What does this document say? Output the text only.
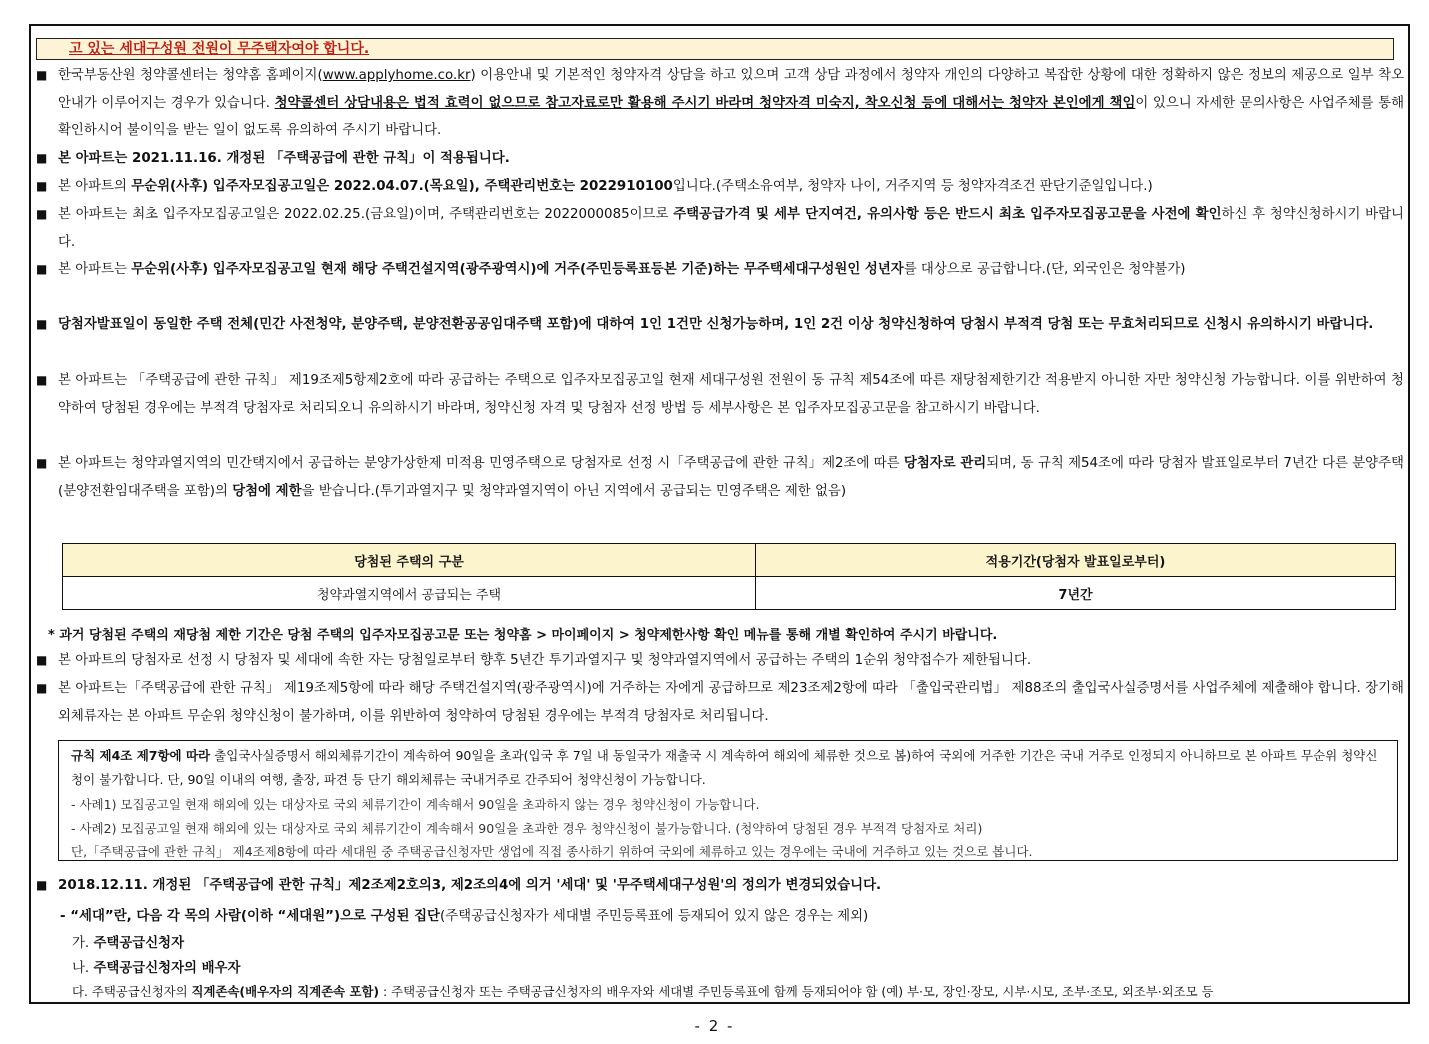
고 있는 세대구성원 전원이 무주택자여야 합니다.
■ 한국부동산원 청약콜센터는 청약홈 홈페이지(www.applyhome.co.kr) 이용안내 및 기본적인 청약자격 상담을 하고 있으며 고객 상담 과정에서 청약자 개인의 다양하고 복잡한 상황에 대한 정확하지 않은 정보의 제공으로 일부 착오 안내가 이루어지는 경우가 있습니다. 청약콜센터 상담내용은 법적 효력이 없으므로 참고자료로만 활용해 주시기 바라며 청약자격 미숙지, 착오신청 등에 대해서는 청약자 본인에게 책임이 있으니 자세한 문의사항은 사업주체를 통해 확인하시어 불이익을 받는 일이 없도록 유의하여 주시기 바랍니다.
■ 본 아파트는 2021.11.16. 개정된 「주택공급에 관한 규칙」이 적용됩니다.
■ 본 아파트의 무순위(사후) 입주자모집공고일은 2022.04.07.(목요일), 주택관리번호는 2022910100입니다.(주택소유여부, 청약자 나이, 거주지역 등 청약자격조건 판단기준일입니다.)
■ 본 아파트는 최초 입주자모집공고일은 2022.02.25.(금요일)이며, 주택관리번호는 2022000085이므로 주택공급가격 및 세부 단지여건, 유의사항 등은 반드시 최초 입주자모집공고문을 사전에 확인하신 후 청약신청하시기 바랍니다.
■ 본 아파트는 무순위(사후) 입주자모집공고일 현재 해당 주택건설지역(광주광역시)에 거주(주민등록표등본 기준)하는 무주택세대구성원인 성년자를 대상으로 공급합니다.(단, 외국인은 청약불가)
■ 당첨자발표일이 동일한 주택 전체(민간 사전청약, 분양주택, 분양전환공공임대주택 포함)에 대하여 1인 1건만 신청가능하며, 1인 2건 이상 청약신청하여 당첨시 부적격 당첨 또는 무효처리되므로 신청시 유의하시기 바랍니다.
■ 본 아파트는 「주택공급에 관한 규칙」 제19조제5항제2호에 따라 공급하는 주택으로 입주자모집공고일 현재 세대구성원 전원이 동 규칙 제54조에 따른 재당첨제한기간 적용받지 아니한 자만 청약신청 가능합니다. 이를 위반하여 청약하여 당첨된 경우에는 부적격 당첨자로 처리되오니 유의하시기 바라며, 청약신청 자격 및 당첨자 선정 방법 등 세부사항은 본 입주자모집공고문을 참고하시기 바랍니다.
■ 본 아파트는 청약과열지역의 민간택지에서 공급하는 분양가상한제 미적용 민영주택으로 당첨자로 선정 시「주택공급에 관한 규칙」제2조에 따른 당첨자로 관리되며, 동 규칙 제54조에 따라 당첨자 발표일로부터 7년간 다른 분양주택(분양전환임대주택을 포함)의 당첨에 제한을 받습니다.(투기과열지구 및 청약과열지역이 아닌 지역에서 공급되는 민영주택은 제한 없음)
당첨된 주택의 구분	적용기간(당첨자 발표일로부터)
청약과열지역에서 공급되는 주택	7년간
* 과거 당첨된 주택의 재당첨 제한 기간은 당첨 주택의 입주자모집공고문 또는 청약홈 > 마이페이지 > 청약제한사항 확인 메뉴를 통해 개별 확인하여 주시기 바랍니다.
■ 본 아파트의 당첨자로 선정 시 당첨자 및 세대에 속한 자는 당첨일로부터 향후 5년간 투기과열지구 및 청약과열지역에서 공급하는 주택의 1순위 청약접수가 제한됩니다.
■ 본 아파트는「주택공급에 관한 규칙」 제19조제5항에 따라 해당 주택건설지역(광주광역시)에 거주하는 자에게 공급하므로 제23조제2항에 따라 「출입국관리법」 제88조의 출입국사실증명서를 사업주체에 제출해야 합니다. 장기해외체류자는 본 아파트 무순위 청약신청이 불가하며, 이를 위반하여 청약하여 당첨된 경우에는 부적격 당첨자로 처리됩니다.

규칙 제4조 제7항에 따라 출입국사실증명서 해외체류기간이 계속하여 90일을 초과(입국 후 7일 내 동일국가 재출국 시 계속하여 해외에 체류한 것으로 봄)하여 국외에 거주한 기간은 국내 거주로 인정되지 아니하므로 본 아파트 무순위 청약신청이 불가합니다. 단, 90일 이내의 여행, 출장, 파견 등 단기 해외체류는 국내거주로 간주되어 청약신청이 가능합니다.

- 사례1) 모집공고일 현재 해외에 있는 대상자로 국외 체류기간이 계속해서 90일을 초과하지 않는 경우 청약신청이 가능합니다.

- 사례2) 모집공고일 현재 해외에 있는 대상자로 국외 체류기간이 계속해서 90일을 초과한 경우 청약신청이 불가능합니다. (청약하여 당첨된 경우 부적격 당첨자로 처리)

단,「주택공급에 관한 규칙」 제4조제8항에 따라 세대원 중 주택공급신청자만 생업에 직접 종사하기 위하여 국외에 체류하고 있는 경우에는 국내에 거주하고 있는 것으로 봅니다.

■ 2018.12.11. 개정된 「주택공급에 관한 규칙」제2조제2호의3, 제2조의4에 의거 '세대' 및 '무주택세대구성원'의 정의가 변경되었습니다.
- “세대”란, 다음 각 목의 사람(이하 “세대원”)으로 구성된 집단(주택공급신청자가 세대별 주민등록표에 등재되어 있지 않은 경우는 제외)
가. 주택공급신청자
나. 주택공급신청자의 배우자
다. 주택공급신청자의 직계존속(배우자의 직계존속 포함) : 주택공급신청자 또는 주택공급신청자의 배우자와 세대별 주민등록표에 함께 등재되어야 함 (예) 부·모, 장인·장모, 시부·시모, 조부·조모, 외조부·외조모 등
- 2 -
